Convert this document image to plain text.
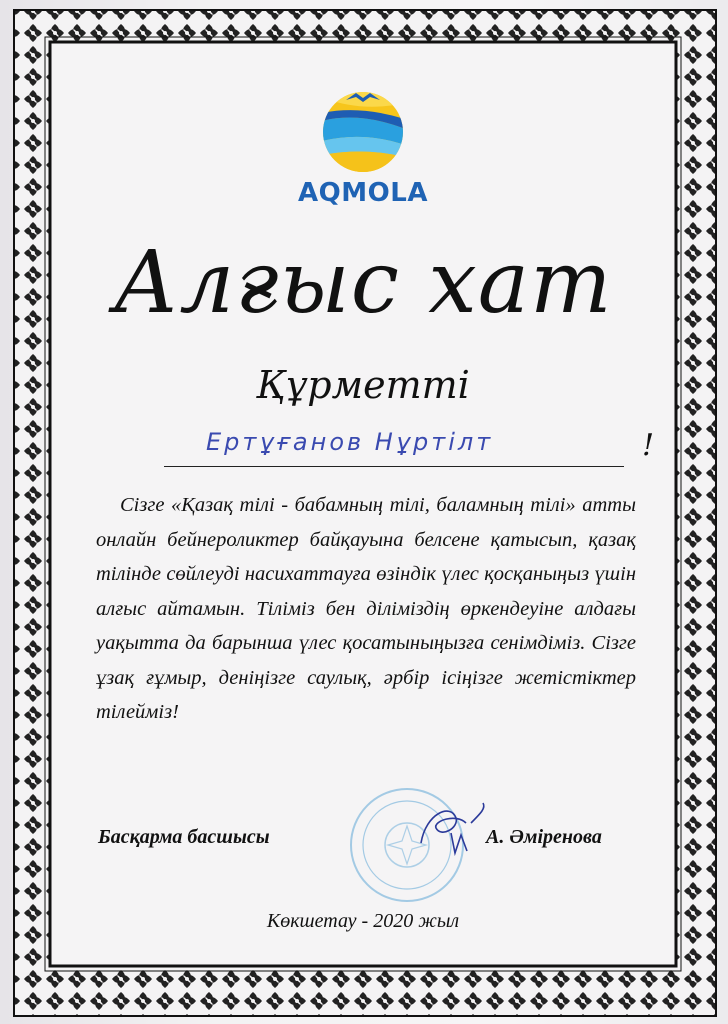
AQMOLA
Алғыс хат
Құрметті
Ертұғанов Нұртілт	!
Сізге «Қазақ тілі - бабамның тілі, баламның тілі» атты онлайн бейнероликтер байқауына белсене қатысып, қазақ тілінде сөйлеуді насихаттауға өзіндік үлес қосқаныңыз үшін алғыс айтамын. Тіліміз бен ділімiздің өркендеуіне алдағы уақытта да барынша үлес қосатыныңызға сенімдіміз. Сізге ұзақ ғұмыр, деніңізге саулық, әрбір ісіңізге жетістіктер тілейміз!
Басқарма басшысы	А. Әміренова
Көкшетау - 2020 жыл
